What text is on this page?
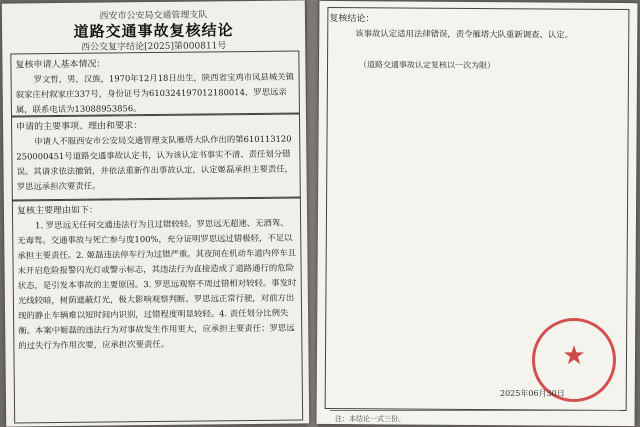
西安市公安局交通管理支队
道路交通事故复核结论
西公交复字结论[2025]第000811号
复核申请人基本情况：
罗文哲，男，汉族，1970年12月18日出生，陕西省宝鸡市凤县城关镇叙家庄村叙家庄337号，身份证号为610324197012180014，罗思远亲属，联系电话为13088953856。
申请的主要事项、理由和要求：
申请人不服西安市公安局交通管理支队雁塔大队作出的第610113120250000451号道路交通事故认定书，认为该认定书事实不清、责任划分错误。其请求依法撤销，并依法重新作出事故认定，认定姬磊承担主要责任，罗思远承担次要责任。
复核主要理由如下：
1. 罗思远无任何交通违法行为且过错较轻。罗思远无超速、无酒驾、无毒驾。交通事故与死亡参与度100%，充分证明罗思远过错极轻，不足以承担主要责任。2. 姬磊违法停车行为过错严重。其夜间在机动车道内停车且未开启危险报警闪光灯或警示标志，其违法行为直接造成了道路通行的危险状态，是引发本事故的主要原因。3. 罗思远观察不周过错相对较轻。事发时光线较暗，树荫遮蔽灯光，极大影响观察判断。罗思远正常行驶，对前方出现的静止车辆难以短时间内识别，过错程度明显较轻。4. 责任划分比例失衡。本案中姬磊的违法行为对事故发生作用更大，应承担主要责任；罗思远的过失行为作用次要，应承担次要责任。
复核结论：
该事故认定适用法律错误，责令雁塔大队重新调查、认定。
（道路交通事故认定复核以一次为限）
★
2025年06月30日
注：本结论一式三份。
